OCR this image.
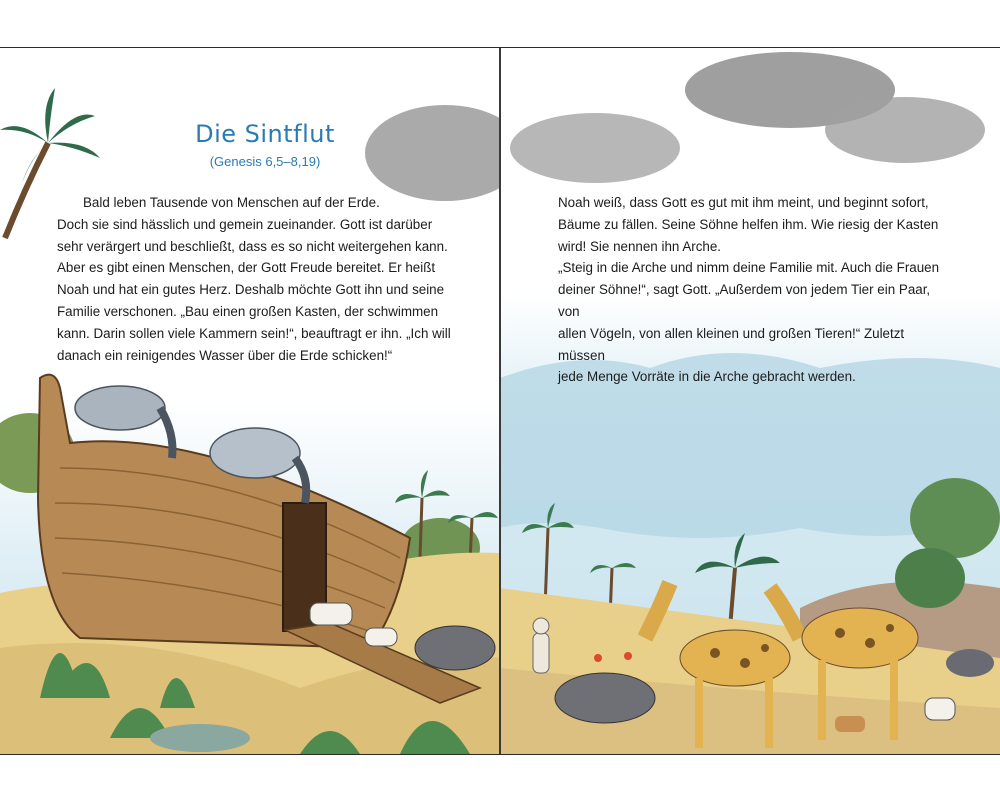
Die Sintflut
(Genesis 6,5–8,19)

Bald leben Tausende von Menschen auf der Erde.

Doch sie sind hässlich und gemein zueinander. Gott ist darüber

sehr verärgert und beschließt, dass es so nicht weitergehen kann.

Aber es gibt einen Menschen, der Gott Freude bereitet. Er heißt

Noah und hat ein gutes Herz. Deshalb möchte Gott ihn und seine

Familie verschonen. „Bau einen großen Kasten, der schwimmen

kann. Darin sollen viele Kammern sein!“, beauftragt er ihn. „Ich will

danach ein reinigendes Wasser über die Erde schicken!“

Noah weiß, dass Gott es gut mit ihm meint, und beginnt sofort,

Bäume zu fällen. Seine Söhne helfen ihm. Wie riesig der Kasten

wird! Sie nennen ihn Arche.

„Steig in die Arche und nimm deine Familie mit. Auch die Frauen

deiner Söhne!“, sagt Gott. „Außerdem von jedem Tier ein Paar, von

allen Vögeln, von allen kleinen und großen Tieren!“ Zuletzt müssen

jede Menge Vorräte in die Arche gebracht werden.
